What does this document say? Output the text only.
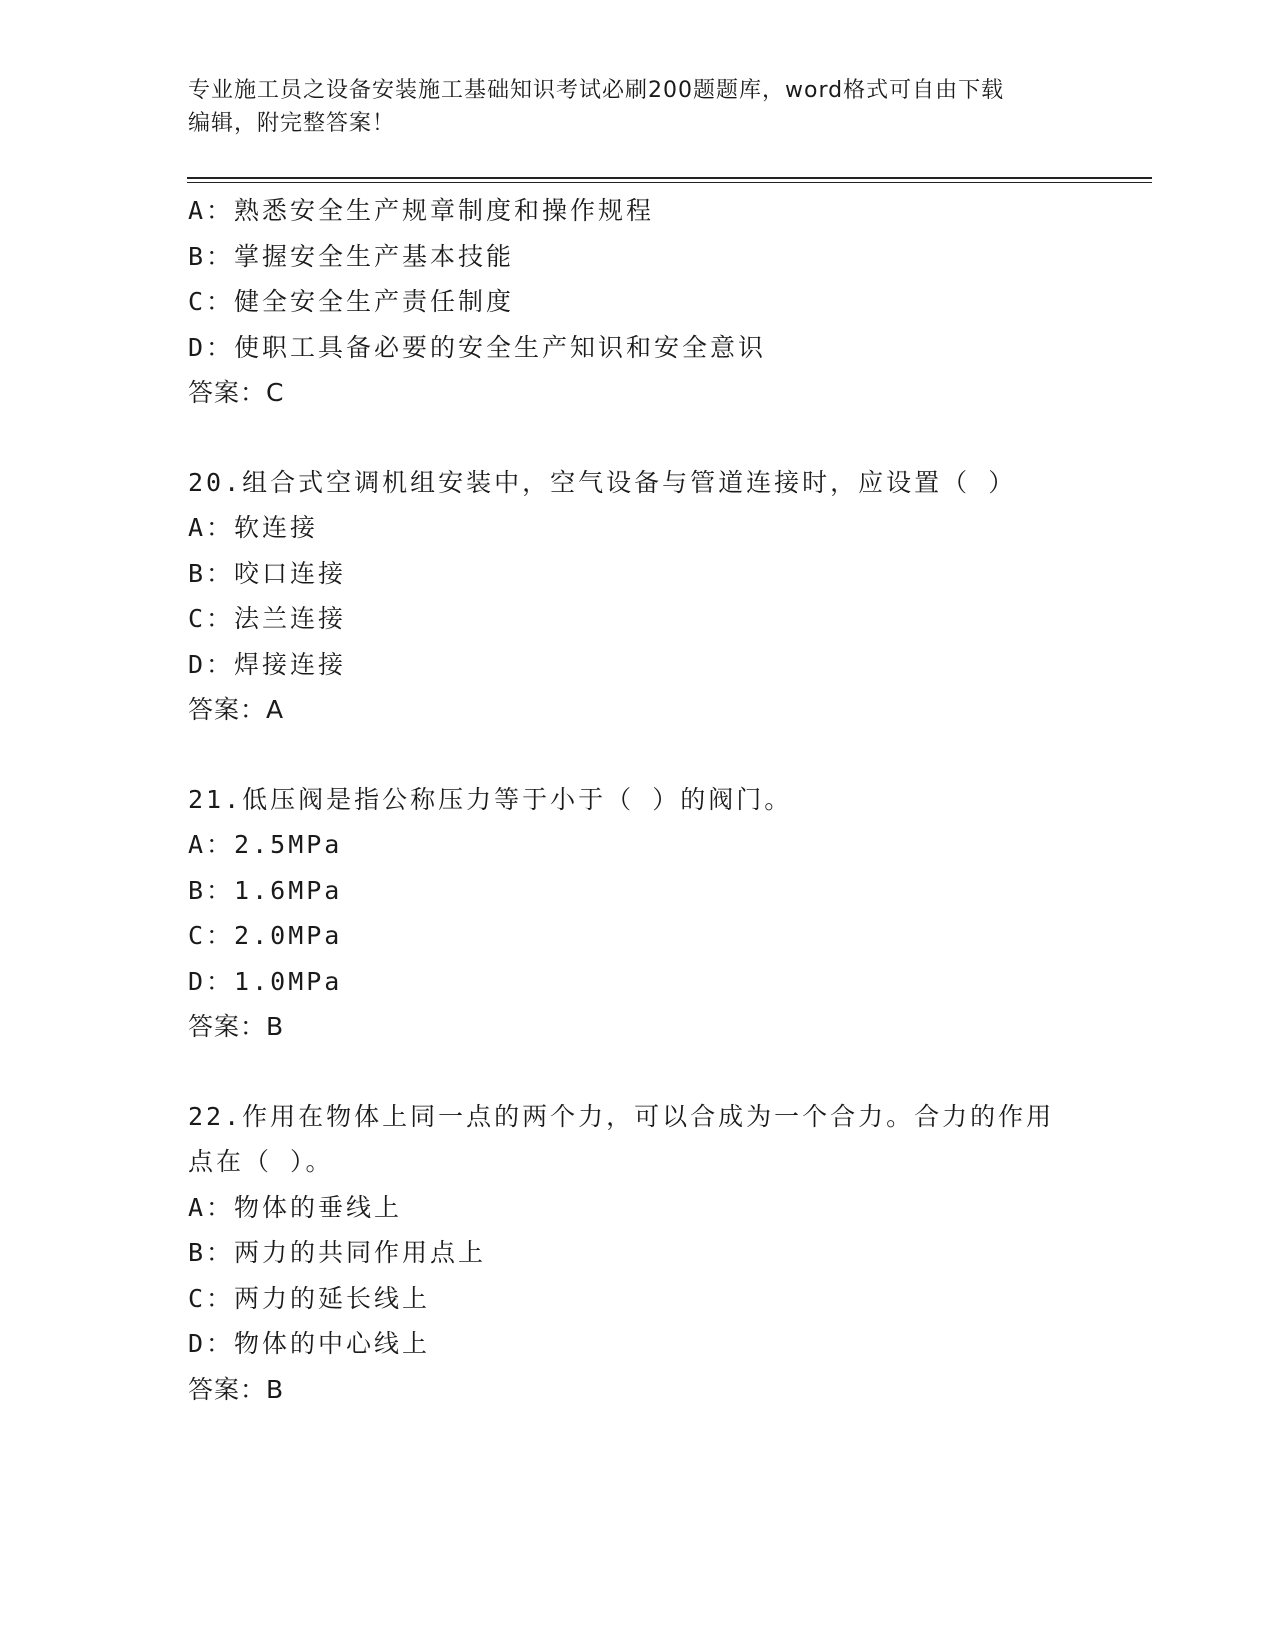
专业施工员之设备安装施工基础知识考试必刷200题题库，word格式可自由下载
编辑，附完整答案！
A：熟悉安全生产规章制度和操作规程
B：掌握安全生产基本技能
C：健全安全生产责任制度
D：使职工具备必要的安全生产知识和安全意识
答案：C
20.组合式空调机组安装中，空气设备与管道连接时，应设置（ ）
A：软连接
B：咬口连接
C：法兰连接
D：焊接连接
答案：A
21.低压阀是指公称压力等于小于（ ）的阀门。
A：2.5MPa
B：1.6MPa
C：2.0MPa
D：1.0MPa
答案：B
22.作用在物体上同一点的两个力，可以合成为一个合力。合力的作用
点在（ ）。
A：物体的垂线上
B：两力的共同作用点上
C：两力的延长线上
D：物体的中心线上
答案：B
